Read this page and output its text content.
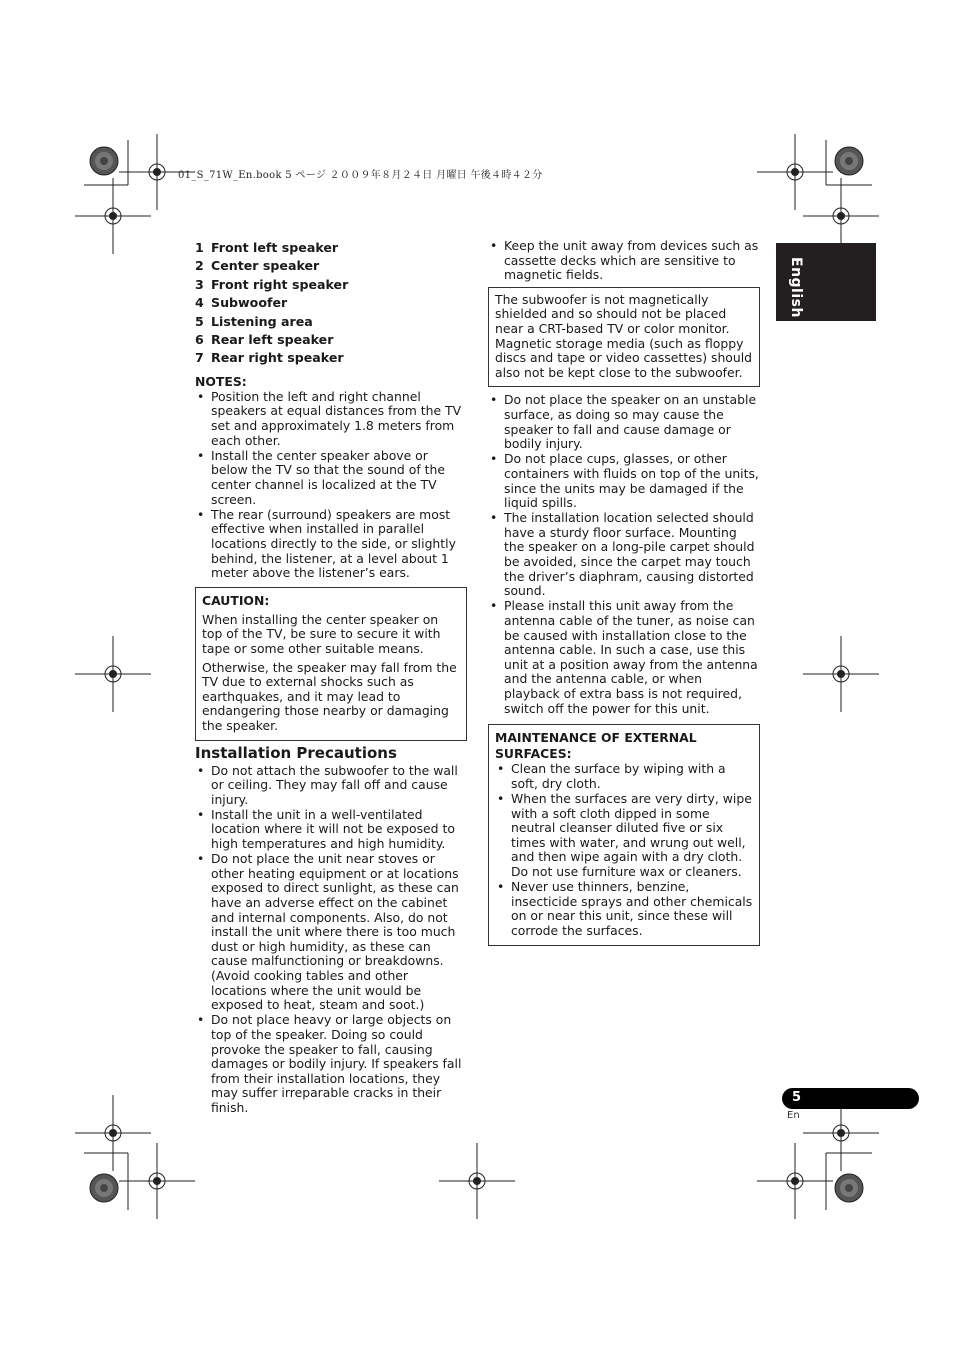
01_S_71W_En.book 5 ページ ２００９年８月２４日 月曜日 午後４時４２分
English
1 Front left speaker
2 Center speaker
3 Front right speaker
4 Subwoofer
5 Listening area
6 Rear left speaker
7 Rear right speaker
NOTES:
• Position the left and right channel speakers at equal distances from the TV set and approximately 1.8 meters from each other.
• Install the center speaker above or below the TV so that the sound of the center channel is localized at the TV screen.
• The rear (surround) speakers are most effective when installed in parallel locations directly to the side, or slightly behind, the listener, at a level about 1 meter above the listener’s ears.
CAUTION:

When installing the center speaker on top of the TV, be sure to secure it with tape or some other suitable means.

Otherwise, the speaker may fall from the TV due to external shocks such as earthquakes, and it may lead to endangering those nearby or damaging the speaker.

Installation Precautions
• Do not attach the subwoofer to the wall or ceiling. They may fall off and cause injury.
• Install the unit in a well-ventilated location where it will not be exposed to high temperatures and high humidity.
• Do not place the unit near stoves or other heating equipment or at locations exposed to direct sunlight, as these can have an adverse effect on the cabinet and internal components. Also, do not install the unit where there is too much dust or high humidity, as these can cause malfunctioning or breakdowns. (Avoid cooking tables and other locations where the unit would be exposed to heat, steam and soot.)
• Do not place heavy or large objects on top of the speaker. Doing so could provoke the speaker to fall, causing damages or bodily injury. If speakers fall from their installation locations, they may suffer irreparable cracks in their finish.
• Keep the unit away from devices such as cassette decks which are sensitive to magnetic fields.

The subwoofer is not magnetically shielded and so should not be placed near a CRT-based TV or color monitor. Magnetic storage media (such as floppy discs and tape or video cassettes) should also not be kept close to the subwoofer.

• Do not place the speaker on an unstable surface, as doing so may cause the speaker to fall and cause damage or bodily injury.
• Do not place cups, glasses, or other containers with fluids on top of the units, since the units may be damaged if the liquid spills.
• The installation location selected should have a sturdy floor surface. Mounting the speaker on a long-pile carpet should be avoided, since the carpet may touch the driver’s diaphram, causing distorted sound.
• Please install this unit away from the antenna cable of the tuner, as noise can be caused with installation close to the antenna cable. In such a case, use this unit at a position away from the antenna and the antenna cable, or when playback of extra bass is not required, switch off the power for this unit.
MAINTENANCE OF EXTERNAL SURFACES:
• Clean the surface by wiping with a soft, dry cloth.
• When the surfaces are very dirty, wipe with a soft cloth dipped in some neutral cleanser diluted five or six times with water, and wrung out well, and then wipe again with a dry cloth. Do not use furniture wax or cleaners.
• Never use thinners, benzine, insecticide sprays and other chemicals on or near this unit, since these will corrode the surfaces.
5
En
